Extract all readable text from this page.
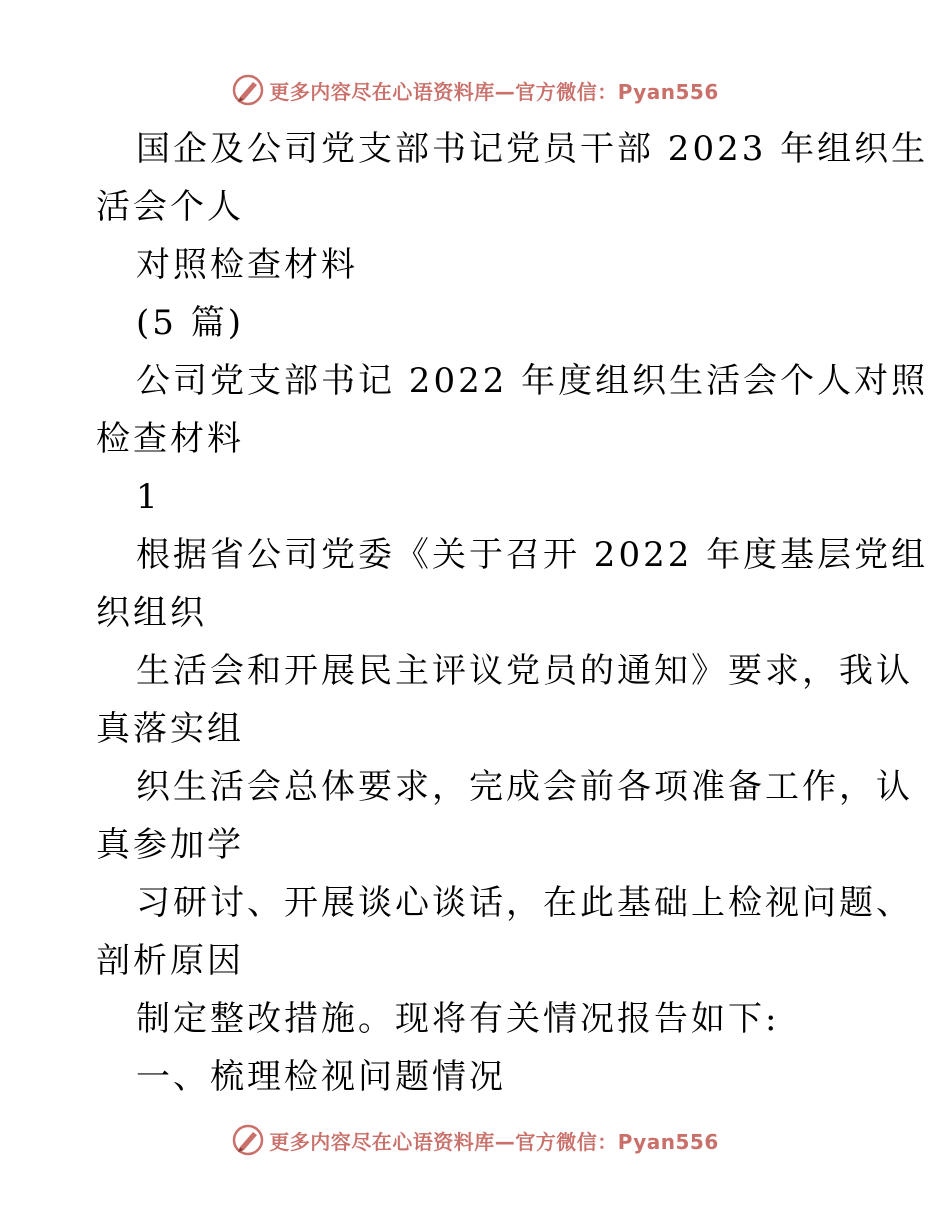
更多内容尽在心语资料库—官方微信：Pyan556

国企及公司党支部书记党员干部 2023 年组织生

活会个人

对照检查材料

(5 篇)

公司党支部书记 2022 年度组织生活会个人对照

检查材料

1

根据省公司党委《关于召开 2022 年度基层党组

织组织

生活会和开展民主评议党员的通知》要求，我认

真落实组

织生活会总体要求，完成会前各项准备工作，认

真参加学

习研讨、开展谈心谈话，在此基础上检视问题、

剖析原因

制定整改措施。现将有关情况报告如下:

一、梳理检视问题情况

更多内容尽在心语资料库—官方微信：Pyan556
